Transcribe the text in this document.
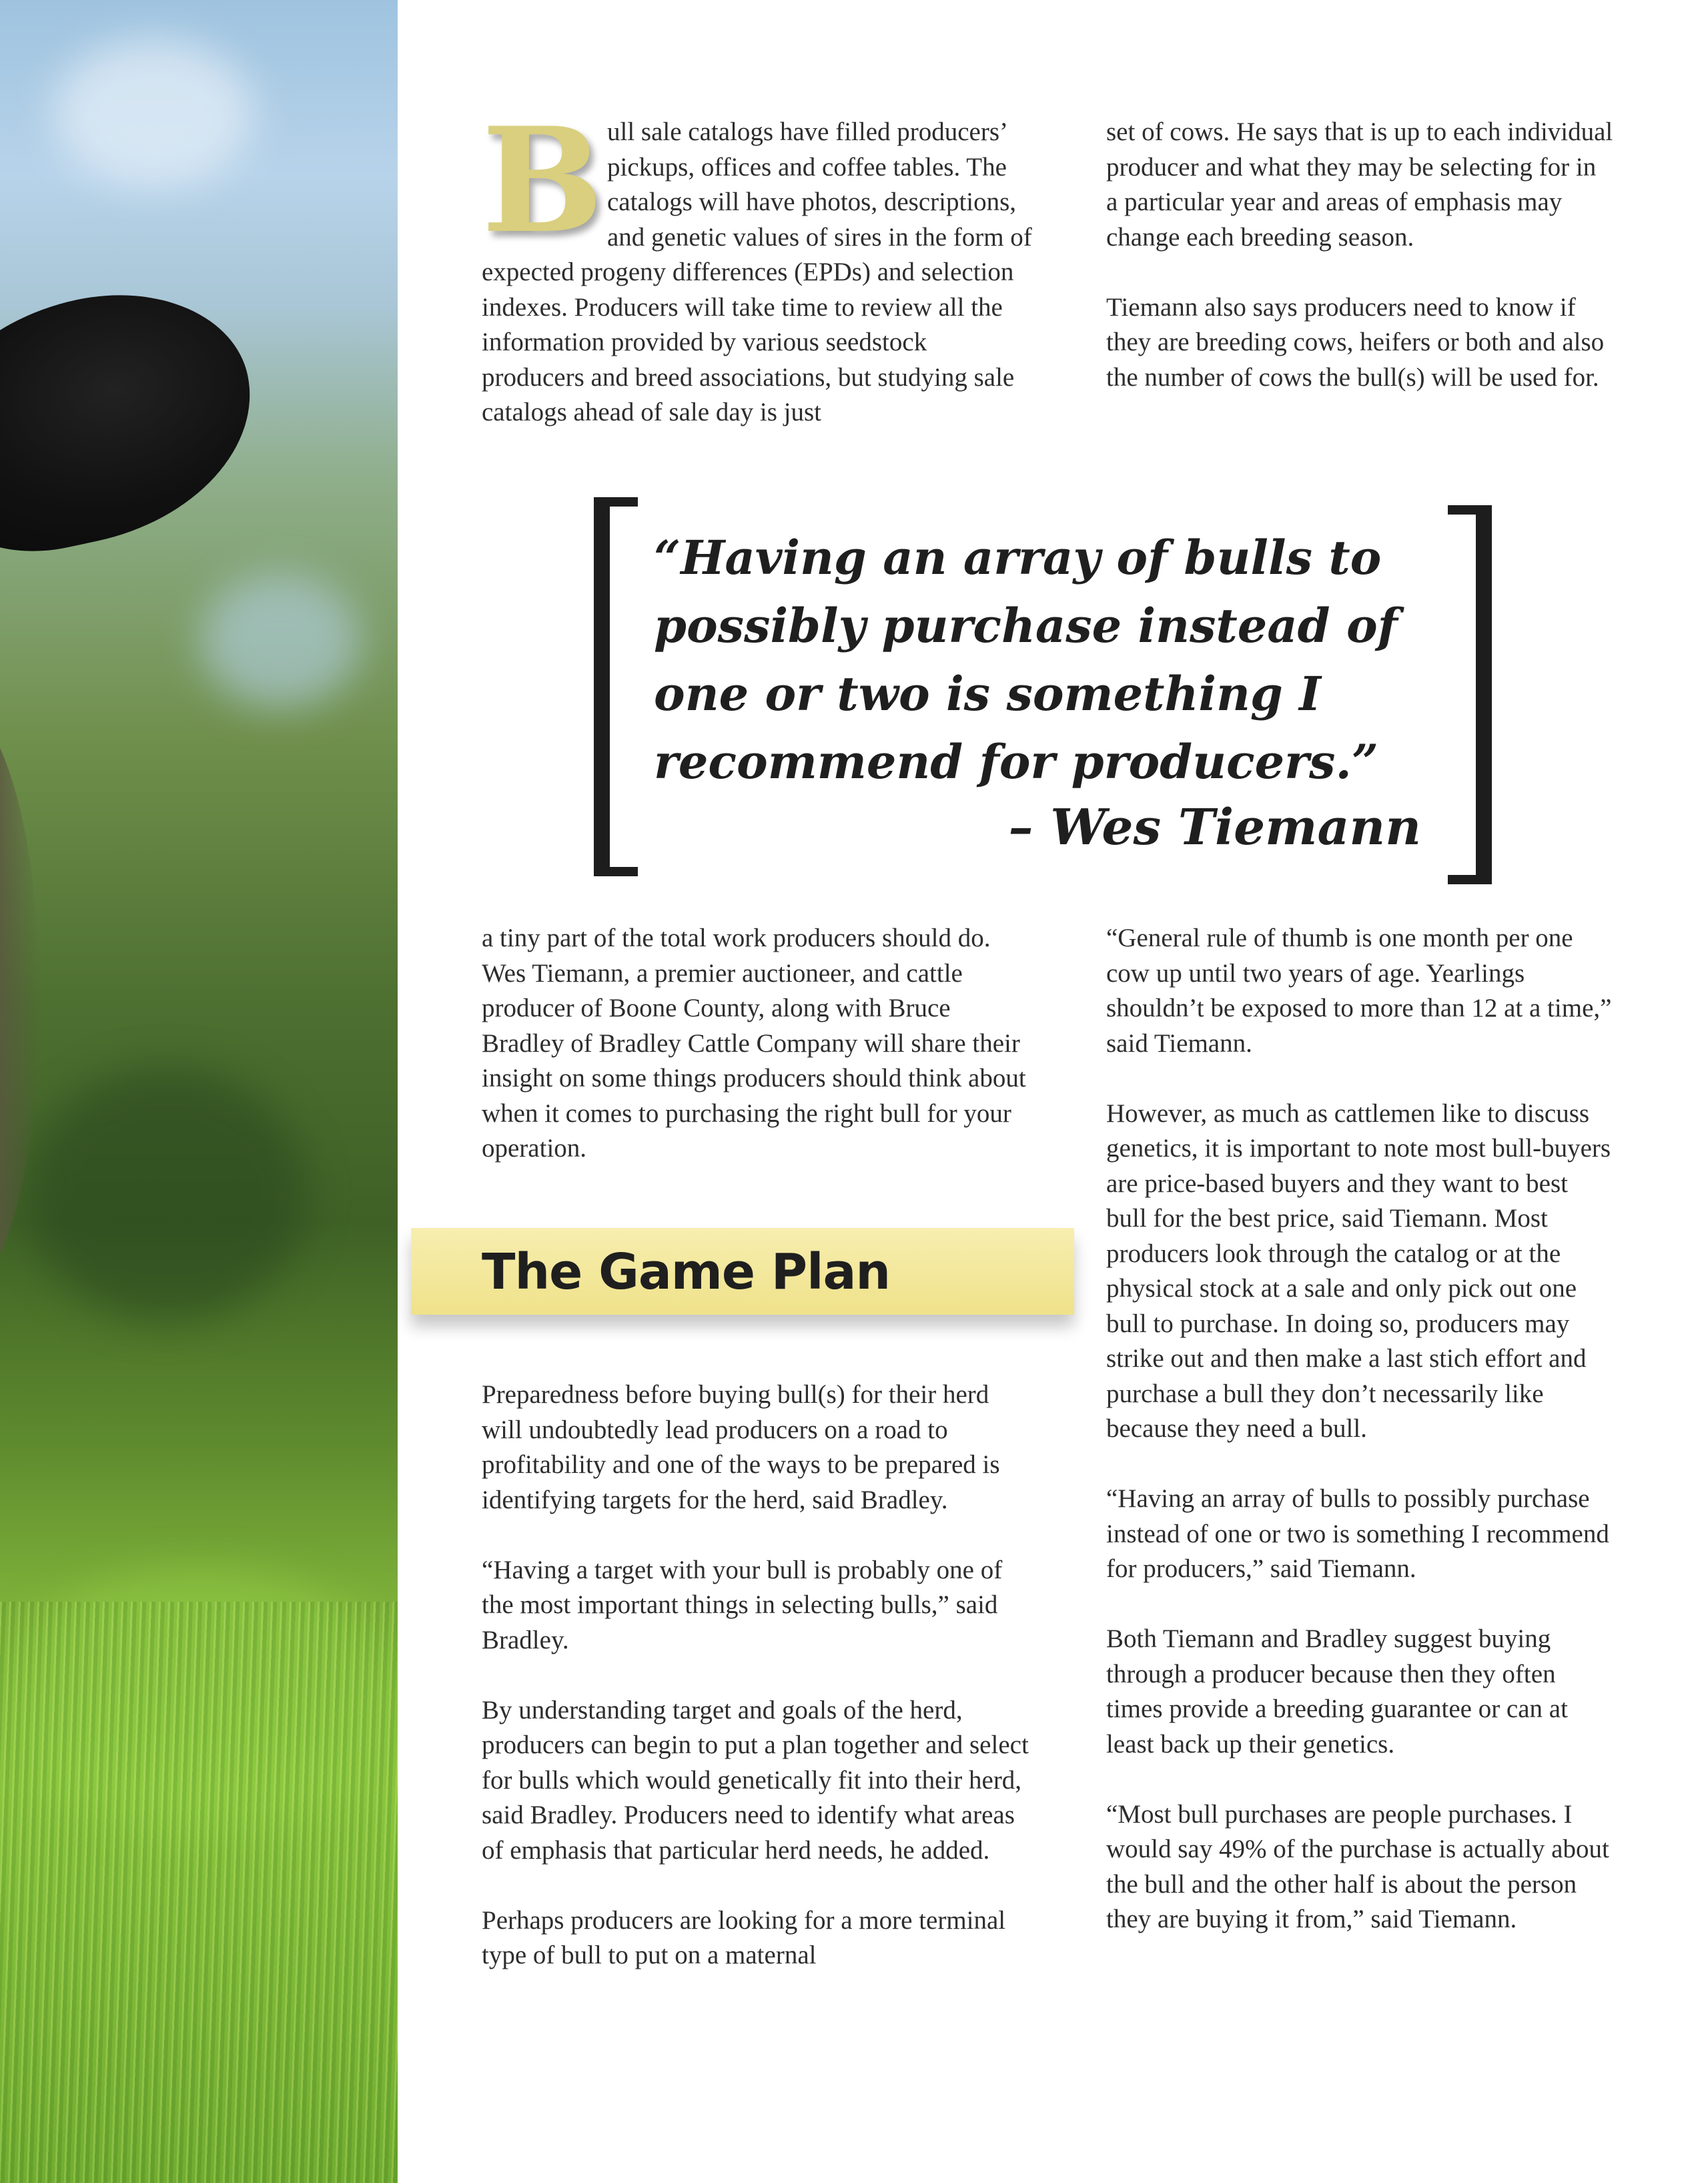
Bull sale catalogs have filled producers’ pickups, offices and coffee tables. The catalogs will have photos, descriptions, and genetic values of sires in the form of expected progeny differences (EPDs) and selection indexes. Producers will take time to review all the information provided by various seedstock producers and breed associations, but studying sale catalogs ahead of sale day is just

set of cows. He says that is up to each individual producer and what they may be selecting for in a particular year and areas of emphasis may change each breeding season.

Tiemann also says producers need to know if they are breeding cows, heifers or both and also the number of cows the bull(s) will be used for.

“Having an array of bulls to possibly purchase instead of one or two is something I recommend for producers.”
– Wes Tiemann

a tiny part of the total work producers should do. Wes Tiemann, a premier auctioneer, and cattle producer of Boone County, along with Bruce Bradley of Bradley Cattle Company will share their insight on some things producers should think about when it comes to purchasing the right bull for your operation.

The Game Plan

Preparedness before buying bull(s) for their herd will undoubtedly lead producers on a road to profitability and one of the ways to be prepared is identifying targets for the herd, said Bradley.

“Having a target with your bull is probably one of the most important things in selecting bulls,” said Bradley.

By understanding target and goals of the herd, producers can begin to put a plan together and select for bulls which would genetically fit into their herd, said Bradley. Producers need to identify what areas of emphasis that particular herd needs, he added.

Perhaps producers are looking for a more terminal type of bull to put on a maternal

“General rule of thumb is one month per one cow up until two years of age. Yearlings shouldn’t be exposed to more than 12 at a time,” said Tiemann.

However, as much as cattlemen like to discuss genetics, it is important to note most bull-buyers are price-based buyers and they want to best bull for the best price, said Tiemann. Most producers look through the catalog or at the physical stock at a sale and only pick out one bull to purchase. In doing so, producers may strike out and then make a last stich effort and purchase a bull they don’t necessarily like because they need a bull.

“Having an array of bulls to possibly purchase instead of one or two is something I recommend for producers,” said Tiemann.

Both Tiemann and Bradley suggest buying through a producer because then they often times provide a breeding guarantee or can at least back up their genetics.

“Most bull purchases are people purchases. I would say 49% of the purchase is actually about the bull and the other half is about the person they are buying it from,” said Tiemann.
